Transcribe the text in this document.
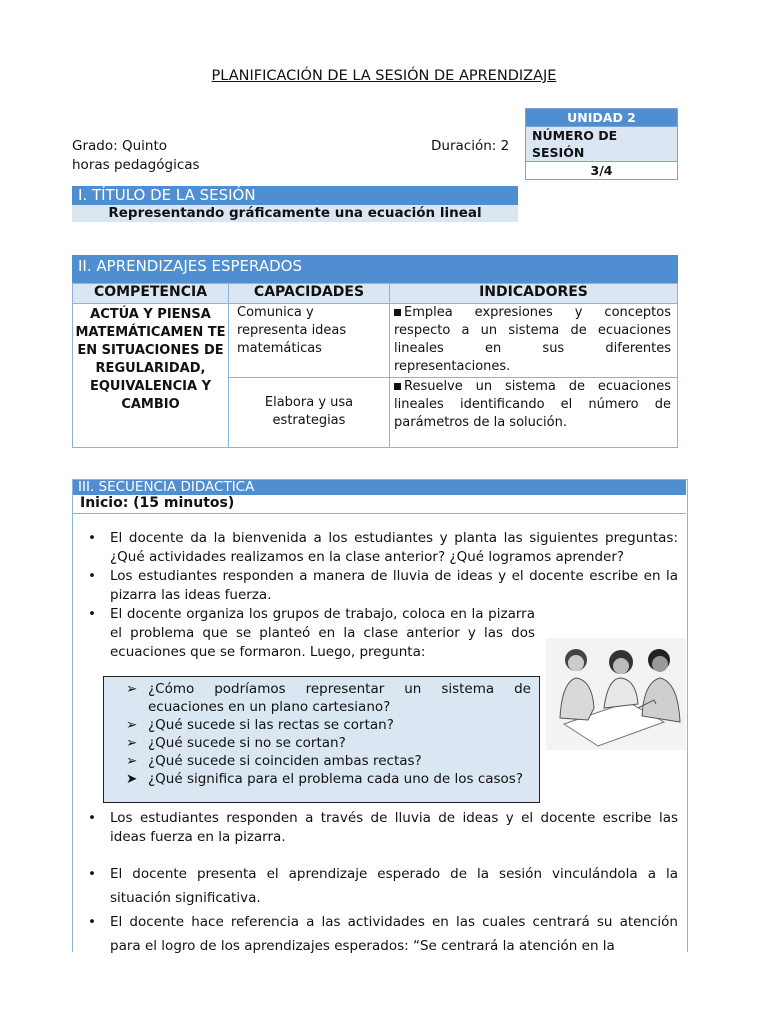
PLANIFICACIÓN DE LA SESIÓN DE APRENDIZAJE
Grado: Quinto	Duración: 2
horas pedagógicas
UNIDAD 2
NÚMERO DE SESIÓN
3/4
I. TÍTULO DE LA SESIÓN
Representando gráficamente una ecuación lineal
II. APRENDIZAJES ESPERADOS
COMPETENCIA	CAPACIDADES	INDICADORES
ACTÚA Y PIENSA MATEMÁTICAMEN TE EN SITUACIONES DE REGULARIDAD, EQUIVALENCIA Y CAMBIO	Comunica y representa ideas matemáticas	Emplea expresiones y conceptos respecto a un sistema de ecuaciones lineales en sus diferentes representaciones.
	Elabora y usa estrategias	Resuelve un sistema de ecuaciones lineales identificando el número de parámetros de la solución.
III. SECUENCIA DIDÁCTICA
Inicio: (15 minutos)
• El docente da la bienvenida a los estudiantes y planta las siguientes preguntas: ¿Qué actividades realizamos en la clase anterior? ¿Qué logramos aprender?
• Los estudiantes responden a manera de lluvia de ideas y el docente escribe en la pizarra las ideas fuerza.
• El docente organiza los grupos de trabajo, coloca en la pizarra el problema que se planteó en la clase anterior y las dos ecuaciones que se formaron. Luego, pregunta:
➢ ¿Cómo podríamos representar un sistema de ecuaciones en un plano cartesiano?
➢ ¿Qué sucede si las rectas se cortan?
➢ ¿Qué sucede si no se cortan?
➢ ¿Qué sucede si coinciden ambas rectas?
➤ ¿Qué significa para el problema cada uno de los casos?
• Los estudiantes responden a través de lluvia de ideas y el docente escribe las ideas fuerza en la pizarra.
• El docente presenta el aprendizaje esperado de la sesión vinculándola a la situación significativa.
• El docente hace referencia a las actividades en las cuales centrará su atención para el logro de los aprendizajes esperados: “Se centrará la atención en la
